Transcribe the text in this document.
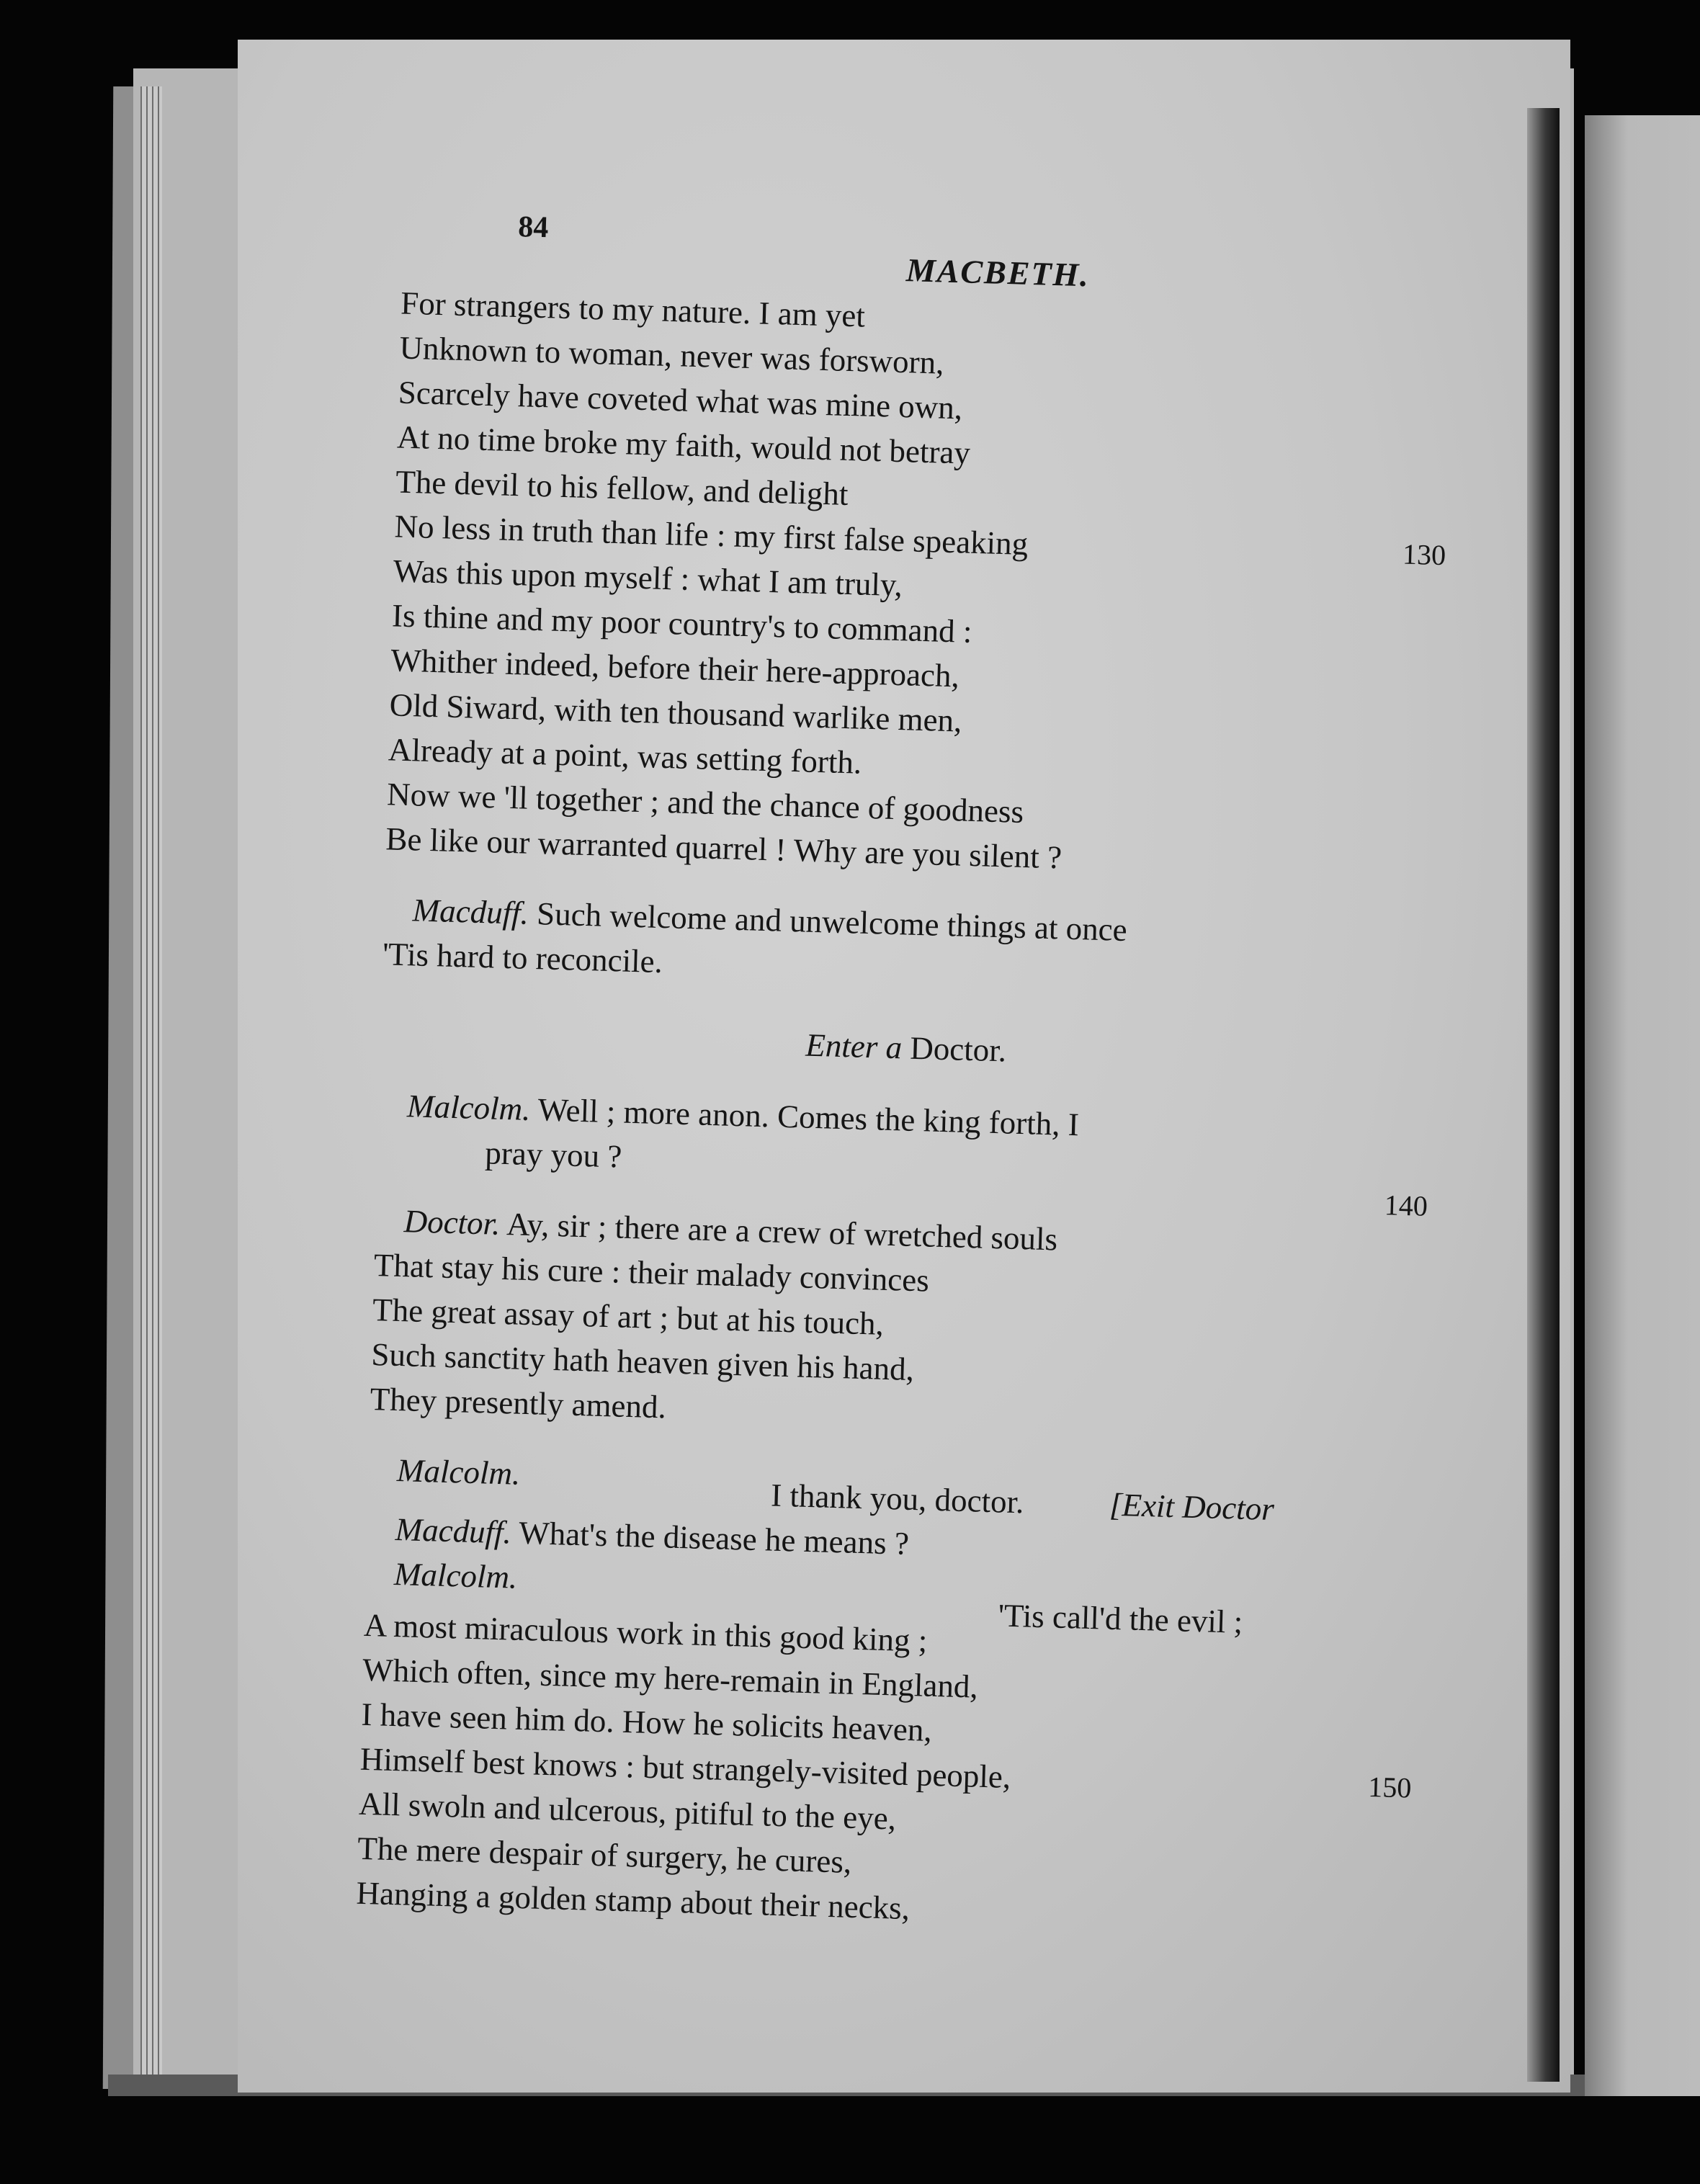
84
MACBETH.
For strangers to my nature. I am yet
Unknown to woman, never was forsworn,
Scarcely have coveted what was mine own,
At no time broke my faith, would not betray
The devil to his fellow, and delight
No less in truth than life : my first false speaking	130
Was this upon myself : what I am truly,
Is thine and my poor country's to command :
Whither indeed, before their here-approach,
Old Siward, with ten thousand warlike men,
Already at a point, was setting forth.
Now we 'll together ; and the chance of goodness
Be like our warranted quarrel ! Why are you silent ?
Macduff. Such welcome and unwelcome things at once
'Tis hard to reconcile.
Enter a Doctor.
Malcolm. Well ; more anon. Comes the king forth, I
pray you ?
140
Doctor. Ay, sir ; there are a crew of wretched souls
That stay his cure : their malady convinces
The great assay of art ; but at his touch,
Such sanctity hath heaven given his hand,
They presently amend.
Malcolm.
I thank you, doctor.	[Exit Doctor
Macduff. What's the disease he means ?
Malcolm.
'Tis call'd the evil ;
A most miraculous work in this good king ;
Which often, since my here-remain in England,
I have seen him do. How he solicits heaven,
Himself best knows : but strangely-visited people,	150
All swoln and ulcerous, pitiful to the eye,
The mere despair of surgery, he cures,
Hanging a golden stamp about their necks,
